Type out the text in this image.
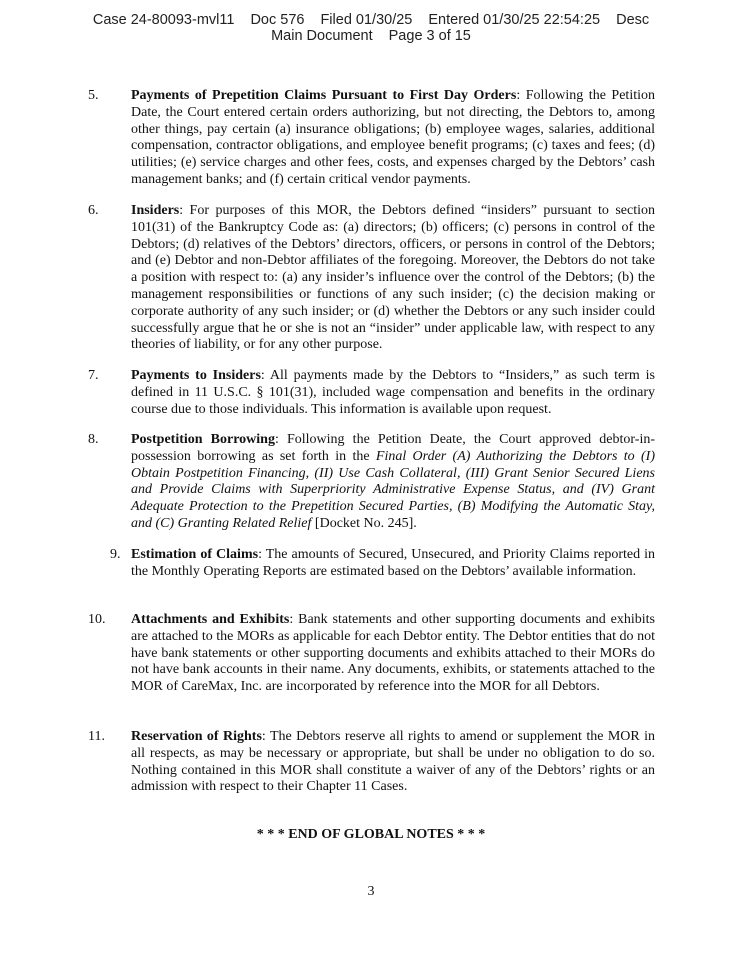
Case 24-80093-mvl11 Doc 576 Filed 01/30/25 Entered 01/30/25 22:54:25 Desc
Main Document Page 3 of 15
5. Payments of Prepetition Claims Pursuant to First Day Orders: Following the Petition Date, the Court entered certain orders authorizing, but not directing, the Debtors to, among other things, pay certain (a) insurance obligations; (b) employee wages, salaries, additional compensation, contractor obligations, and employee benefit programs; (c) taxes and fees; (d) utilities; (e) service charges and other fees, costs, and expenses charged by the Debtors’ cash management banks; and (f) certain critical vendor payments.
6. Insiders: For purposes of this MOR, the Debtors defined “insiders” pursuant to section 101(31) of the Bankruptcy Code as: (a) directors; (b) officers; (c) persons in control of the Debtors; (d) relatives of the Debtors’ directors, officers, or persons in control of the Debtors; and (e) Debtor and non-Debtor affiliates of the foregoing. Moreover, the Debtors do not take a position with respect to: (a) any insider’s influence over the control of the Debtors; (b) the management responsibilities or functions of any such insider; (c) the decision making or corporate authority of any such insider; or (d) whether the Debtors or any such insider could successfully argue that he or she is not an “insider” under applicable law, with respect to any theories of liability, or for any other purpose.
7. Payments to Insiders: All payments made by the Debtors to “Insiders,” as such term is defined in 11 U.S.C. § 101(31), included wage compensation and benefits in the ordinary course due to those individuals. This information is available upon request.
8. Postpetition Borrowing: Following the Petition Deate, the Court approved debtor-in-possession borrowing as set forth in the Final Order (A) Authorizing the Debtors to (I) Obtain Postpetition Financing, (II) Use Cash Collateral, (III) Grant Senior Secured Liens and Provide Claims with Superpriority Administrative Expense Status, and (IV) Grant Adequate Protection to the Prepetition Secured Parties, (B) Modifying the Automatic Stay, and (C) Granting Related Relief [Docket No. 245].
9. Estimation of Claims: The amounts of Secured, Unsecured, and Priority Claims reported in the Monthly Operating Reports are estimated based on the Debtors’ available information.
10. Attachments and Exhibits: Bank statements and other supporting documents and exhibits are attached to the MORs as applicable for each Debtor entity. The Debtor entities that do not have bank statements or other supporting documents and exhibits attached to their MORs do not have bank accounts in their name. Any documents, exhibits, or statements attached to the MOR of CareMax, Inc. are incorporated by reference into the MOR for all Debtors.
11. Reservation of Rights: The Debtors reserve all rights to amend or supplement the MOR in all respects, as may be necessary or appropriate, but shall be under no obligation to do so. Nothing contained in this MOR shall constitute a waiver of any of the Debtors’ rights or an admission with respect to their Chapter 11 Cases.
* * * END OF GLOBAL NOTES * * *
3
